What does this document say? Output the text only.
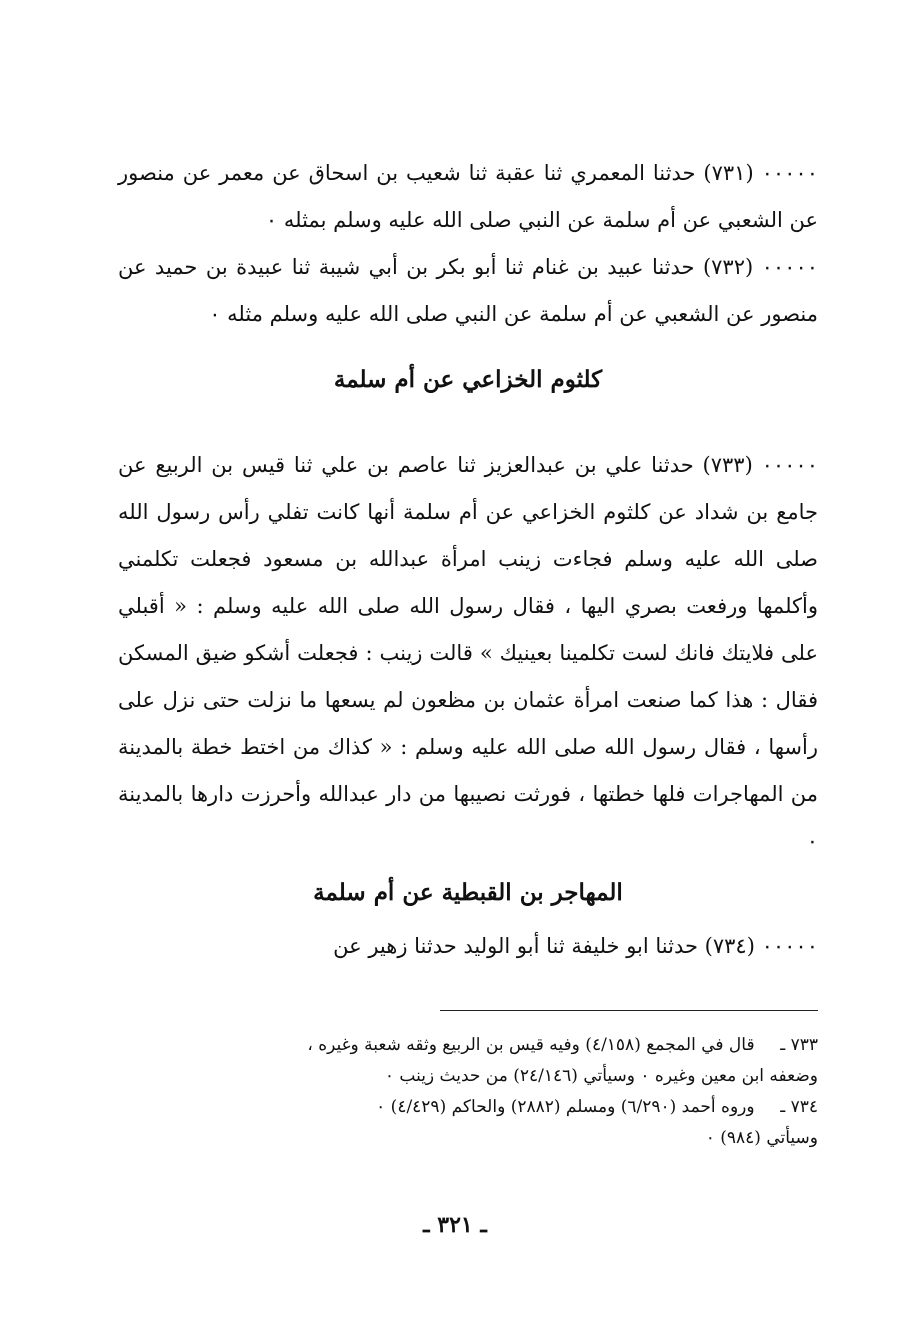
٠٠٠٠٠ (٧٣١) حدثنا المعمري ثنا عقبة ثنا شعيب بن اسحاق عن معمر عن منصور عن الشعبي عن أم سلمة عن النبي صلى الله عليه وسلم بمثله ٠

٠٠٠٠٠ (٧٣٢) حدثنا عبيد بن غنام ثنا أبو بكر بن أبي شيبة ثنا عبيدة بن حميد عن منصور عن الشعبي عن أم سلمة عن النبي صلى الله عليه وسلم مثله ٠

كلثوم الخزاعي عن أم سلمة

٠٠٠٠٠ (٧٣٣) حدثنا علي بن عبدالعزيز ثنا عاصم بن علي ثنا قيس بن الربيع عن جامع بن شداد عن كلثوم الخزاعي عن أم سلمة أنها كانت تفلي رأس رسول الله صلى الله عليه وسلم فجاءت زينب امرأة عبدالله بن مسعود فجعلت تكلمني وأكلمها ورفعت بصري اليها ، فقال رسول الله صلى الله عليه وسلم : « أقبلي على فلايتك فانك لست تكلمينا بعينيك » قالت زينب : فجعلت أشكو ضيق المسكن فقال : هذا كما صنعت امرأة عثمان بن مظعون لم يسعها ما نزلت حتى نزل على رأسها ، فقال رسول الله صلى الله عليه وسلم : « كذاك من اختط خطة بالمدينة من المهاجرات فلها خطتها ، فورثت نصيبها من دار عبدالله وأحرزت دارها بالمدينة ٠

المهاجر بن القبطية عن أم سلمة

٠٠٠٠٠ (٧٣٤) حدثنا ابو خليفة ثنا أبو الوليد حدثنا زهير عن

٧٣٣ ـ قال في المجمع (٤/١٥٨) وفيه قيس بن الربيع وثقه شعبة وغيره ،

وضعفه ابن معين وغيره ٠ وسيأتي (٢٤/١٤٦) من حديث زينب ٠

٧٣٤ ـ وروه أحمد (٦/٢٩٠) ومسلم (٢٨٨٢) والحاكم (٤/٤٢٩) ٠

وسيأتي (٩٨٤) ٠

ـ ٣٢١ ـ
